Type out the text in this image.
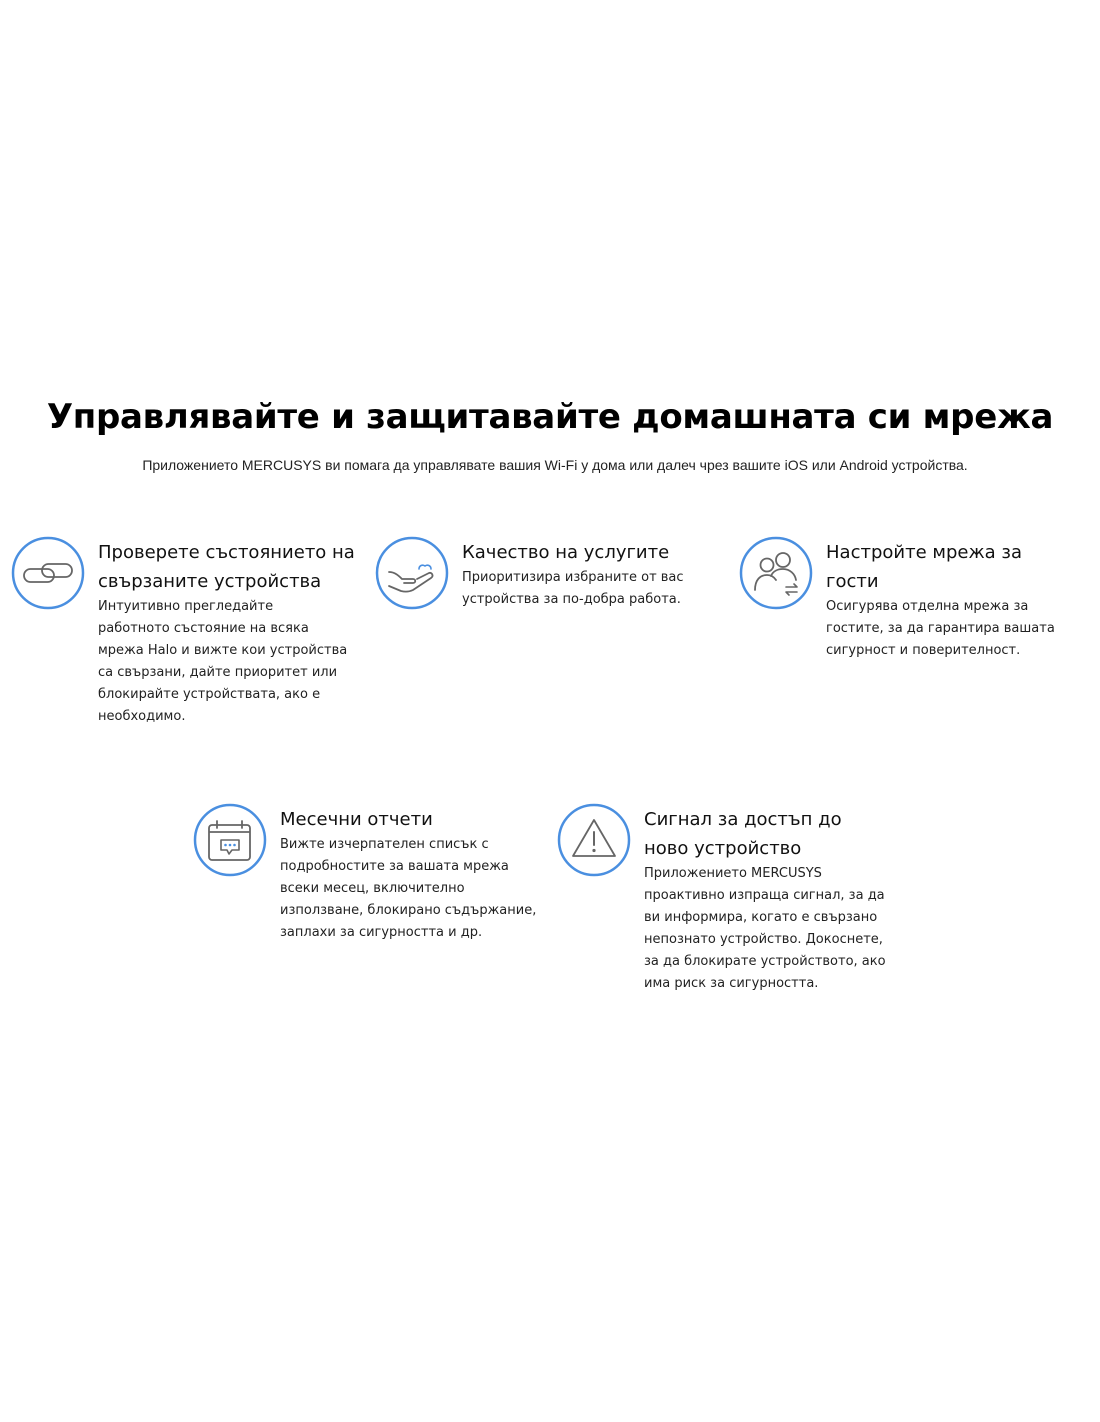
Управлявайте и защитавайте домашната си мрежа

Приложението MERCUSYS ви помага да управлявате вашия Wi-Fi у дома или далеч чрез вашите iOS или Android устройства.

Проверете състоянието на свързаните устройства
Интуитивно прегледайте работното състояние на всяка мрежа Halo и вижте кои устройства са свързани, дайте приоритет или блокирайте устройствата, ако е необходимо.
Качество на услугите
Приоритизира избраните от вас устройства за по-добра работа.
Настройте мрежа за гости
Осигурява отделна мрежа за гостите, за да гарантира вашата сигурност и поверителност.
Месечни отчети
Вижте изчерпателен списък с подробностите за вашата мрежа всеки месец, включително използване, блокирано съдържание, заплахи за сигурността и др.
Сигнал за достъп до ново устройство
Приложението MERCUSYS проактивно изпраща сигнал, за да ви информира, когато е свързано непознато устройство. Докоснете, за да блокирате устройството, ако има риск за сигурността.
